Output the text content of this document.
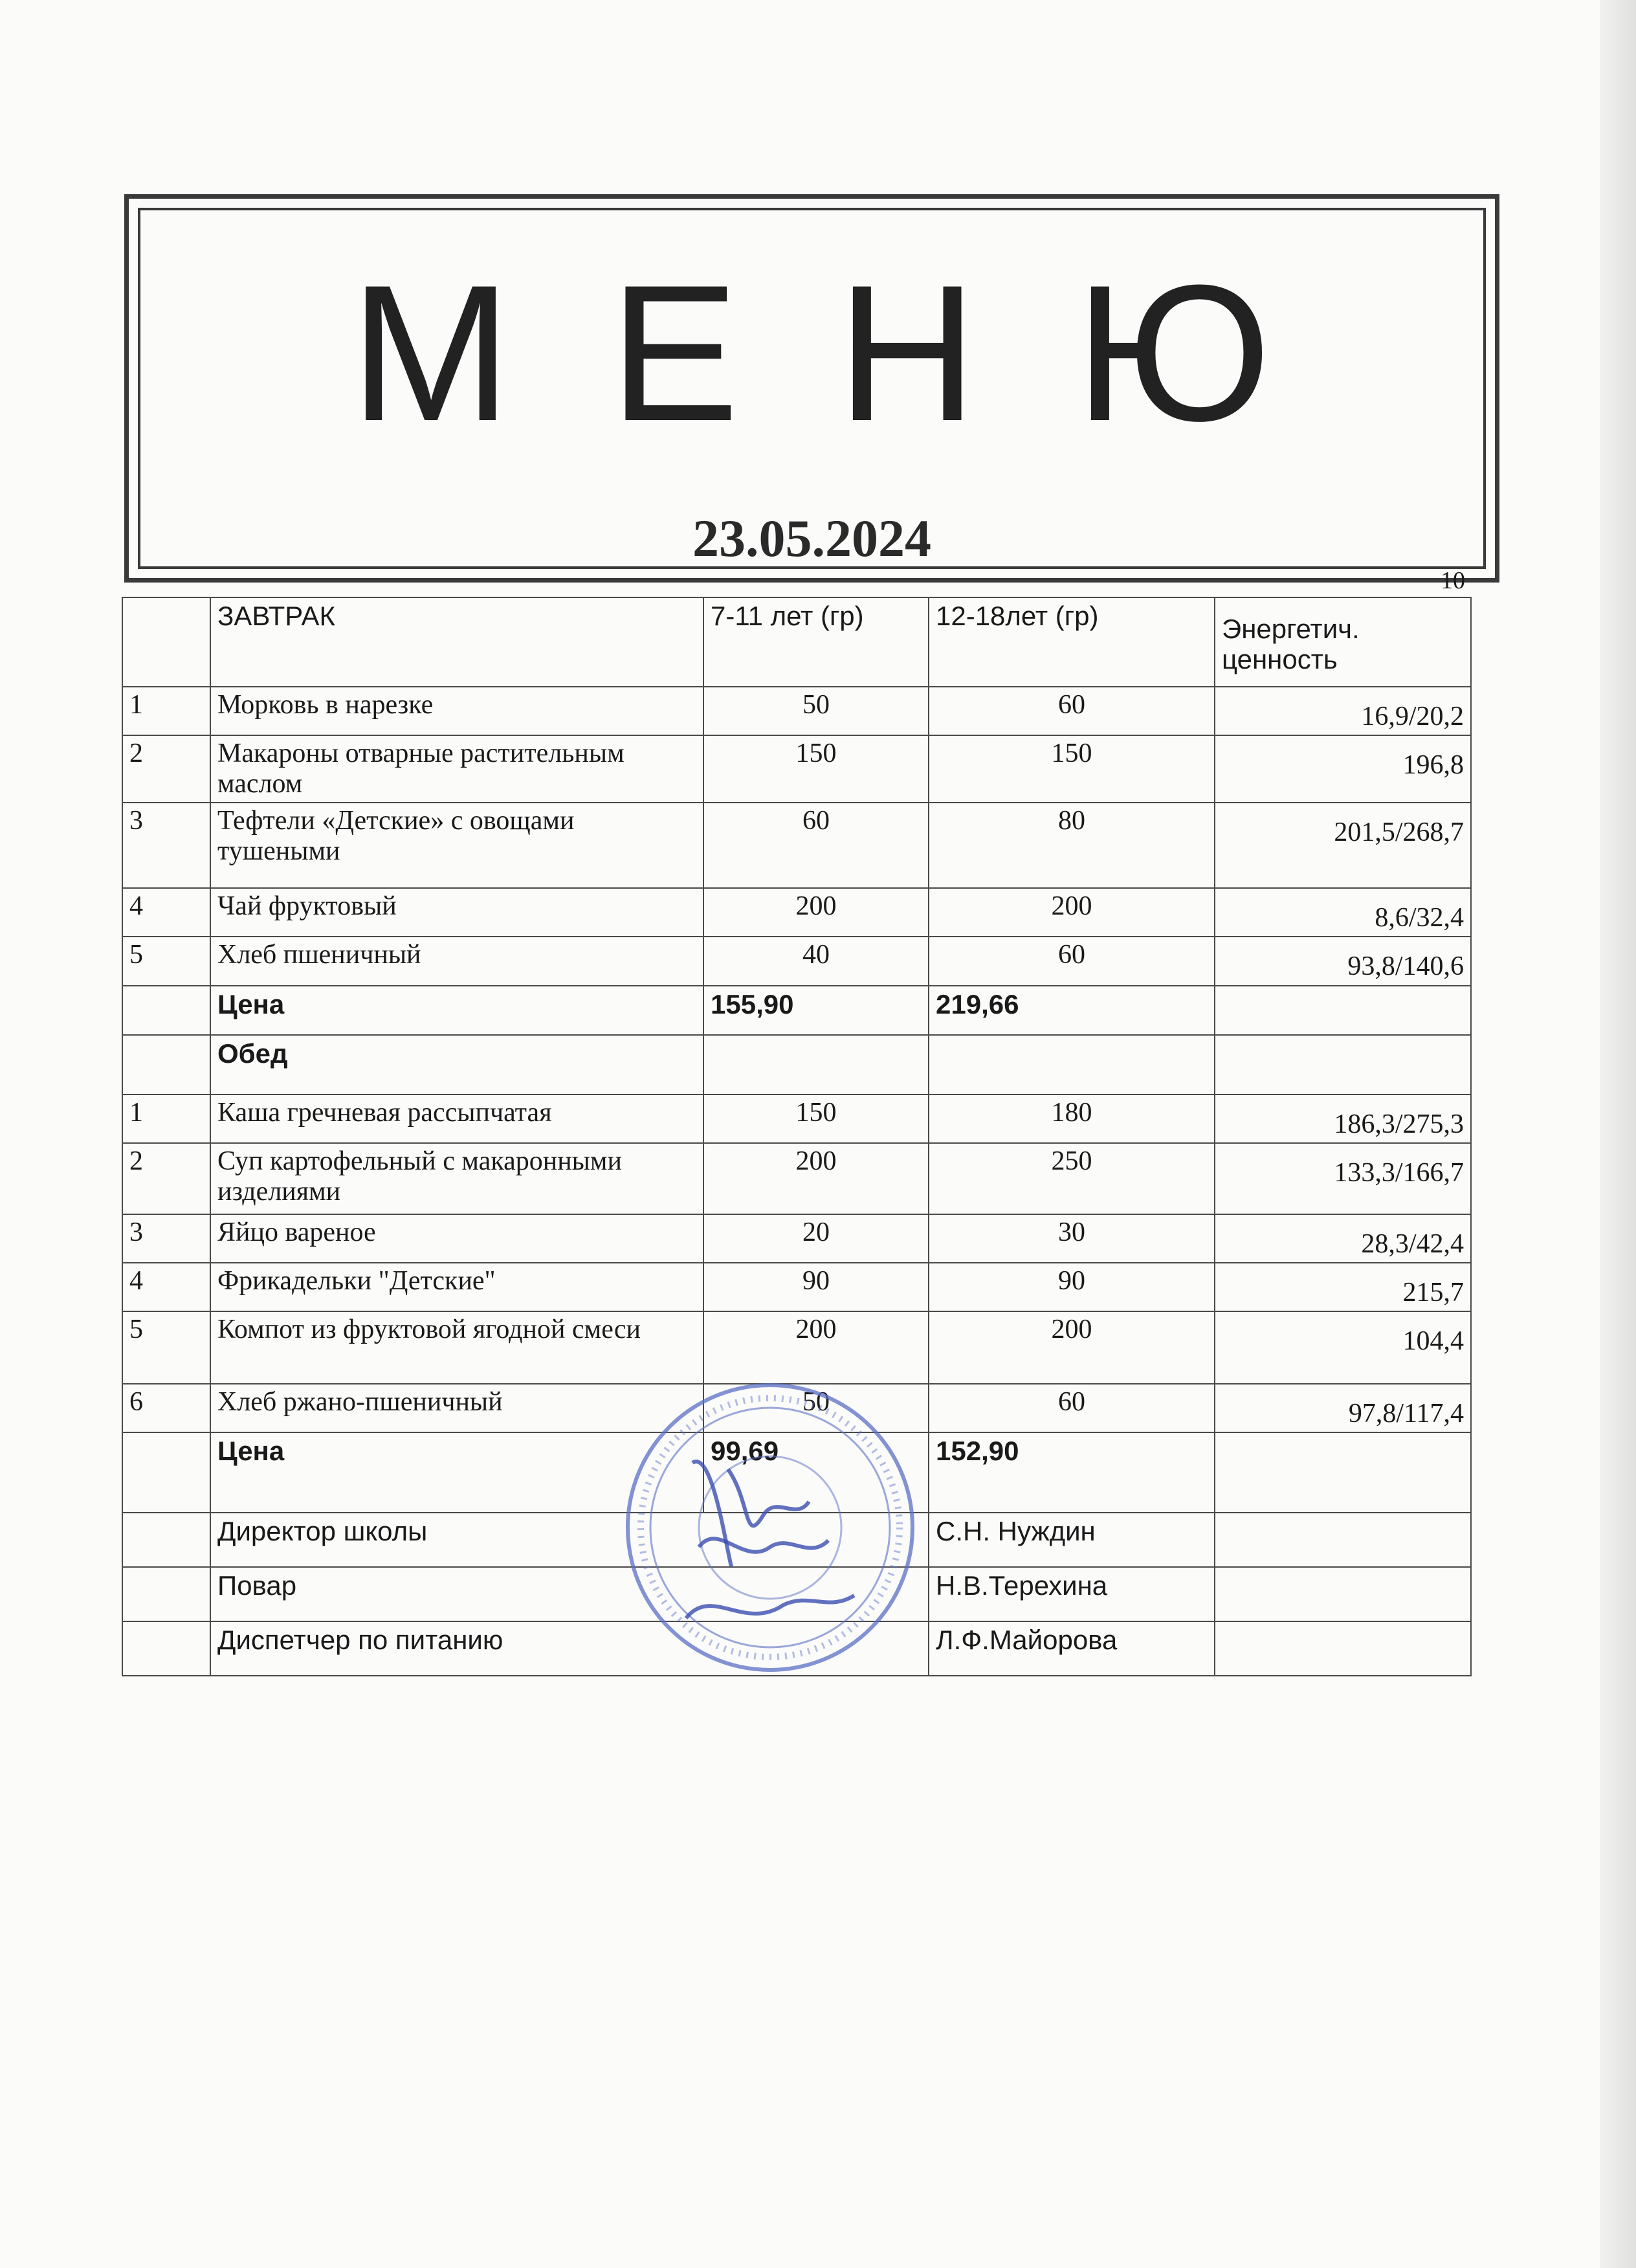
М Е Н Ю
23.05.2024
10
	ЗАВТРАК	7-11 лет (гр)	12-18лет (гр)	Энергетич. ценность
1	Морковь в нарезке	50	60	16,9/20,2
2	Макароны отварные растительным маслом	150	150	196,8
3	Тефтели «Детские» с овощами тушеными	60	80	201,5/268,7
4	Чай фруктовый	200	200	8,6/32,4
5	Хлеб пшеничный	40	60	93,8/140,6
	Цена	155,90	219,66	
	Обед			
1	Каша гречневая рассыпчатая	150	180	186,3/275,3
2	Суп картофельный с макаронными изделиями	200	250	133,3/166,7
3	Яйцо вареное	20	30	28,3/42,4
4	Фрикадельки "Детские"	90	90	215,7
5	Компот из фруктовой ягодной смеси	200	200	104,4
6	Хлеб ржано-пшеничный	50	60	97,8/117,4
	Цена	99,69	152,90	
	Директор школы		С.Н. Нуждин	
	Повар		Н.В.Терехина	
	Диспетчер по питанию		Л.Ф.Майорова	
